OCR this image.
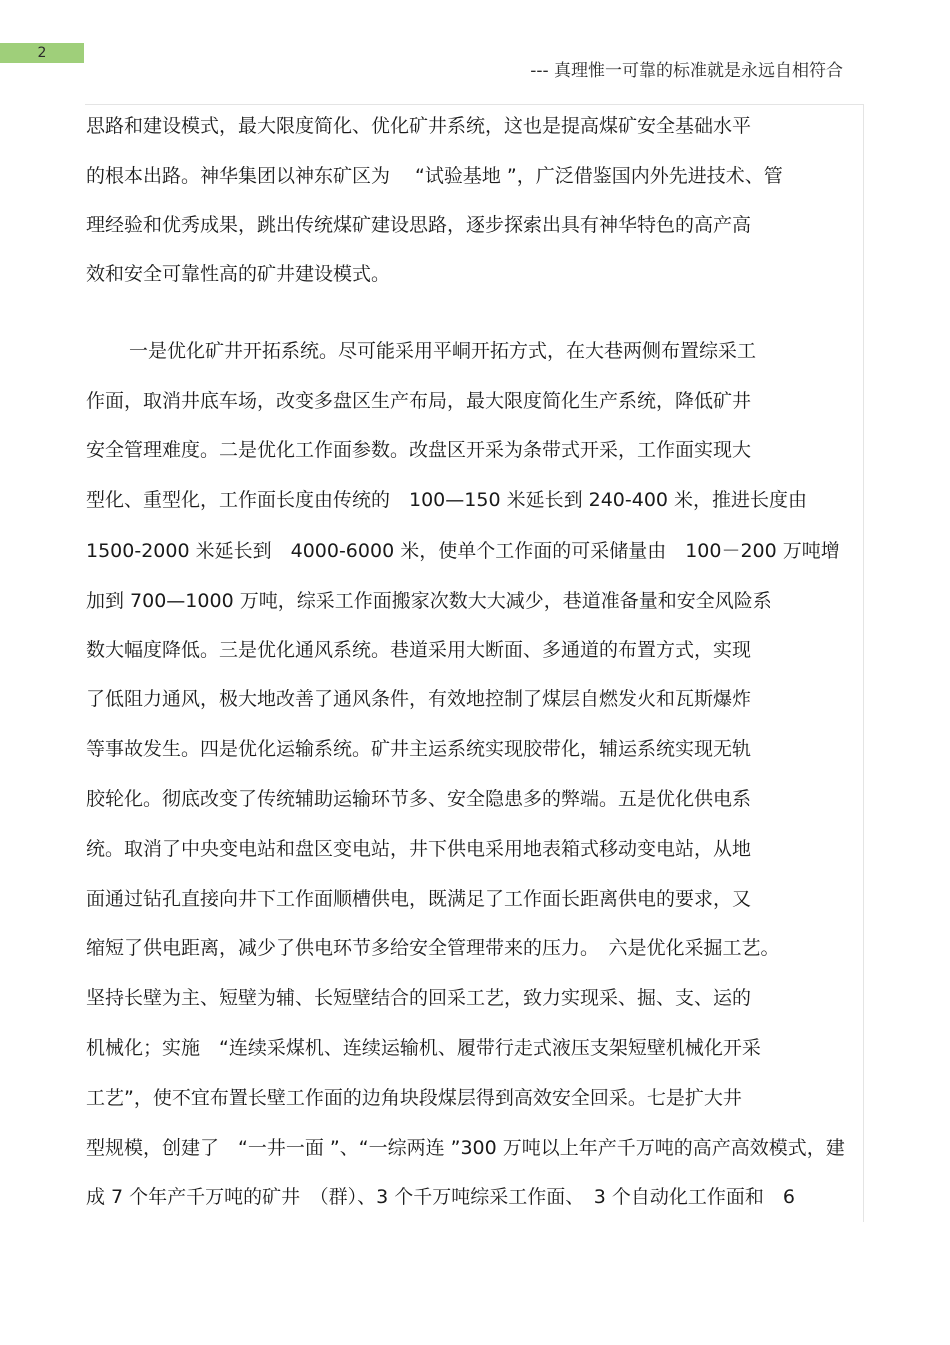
2
--- 真理惟一可靠的标准就是永远自相符合
思路和建设模式，最大限度简化、优化矿井系统，这也是提高煤矿安全基础水平
的根本出路。神华集团以神东矿区为　 “试验基地 ”，广泛借鉴国内外先进技术、管
理经验和优秀成果，跳出传统煤矿建设思路，逐步探索出具有神华特色的高产高
效和安全可靠性高的矿井建设模式。
　一是优化矿井开拓系统。尽可能采用平峒开拓方式，在大巷两侧布置综采工
作面，取消井底车场，改变多盘区生产布局，最大限度简化生产系统，降低矿井
安全管理难度。二是优化工作面参数。改盘区开采为条带式开采，工作面实现大
型化、重型化，工作面长度由传统的　100—150 米延长到 240-400 米，推进长度由
1500-2000 米延长到　4000-6000 米，使单个工作面的可采储量由　100－200 万吨增
加到 700—1000 万吨，综采工作面搬家次数大大减少，巷道准备量和安全风险系
数大幅度降低。三是优化通风系统。巷道采用大断面、多通道的布置方式，实现
了低阻力通风，极大地改善了通风条件，有效地控制了煤层自燃发火和瓦斯爆炸
等事故发生。四是优化运输系统。矿井主运系统实现胶带化，辅运系统实现无轨
胶轮化。彻底改变了传统辅助运输环节多、安全隐患多的弊端。五是优化供电系
统。取消了中央变电站和盘区变电站，井下供电采用地表箱式移动变电站，从地
面通过钻孔直接向井下工作面顺槽供电，既满足了工作面长距离供电的要求，又
缩短了供电距离，减少了供电环节多给安全管理带来的压力。　六是优化采掘工艺。
坚持长壁为主、短壁为辅、长短壁结合的回采工艺，致力实现采、掘、支、运的
机械化；实施　“连续采煤机、连续运输机、履带行走式液压支架短壁机械化开采
工艺”，使不宜布置长壁工作面的边角块段煤层得到高效安全回采。七是扩大井
型规模，创建了　“一井一面 ”、“一综两连 ”300 万吨以上年产千万吨的高产高效模式，建
成 7 个年产千万吨的矿井　（群）、3 个千万吨综采工作面、　3 个自动化工作面和　6
